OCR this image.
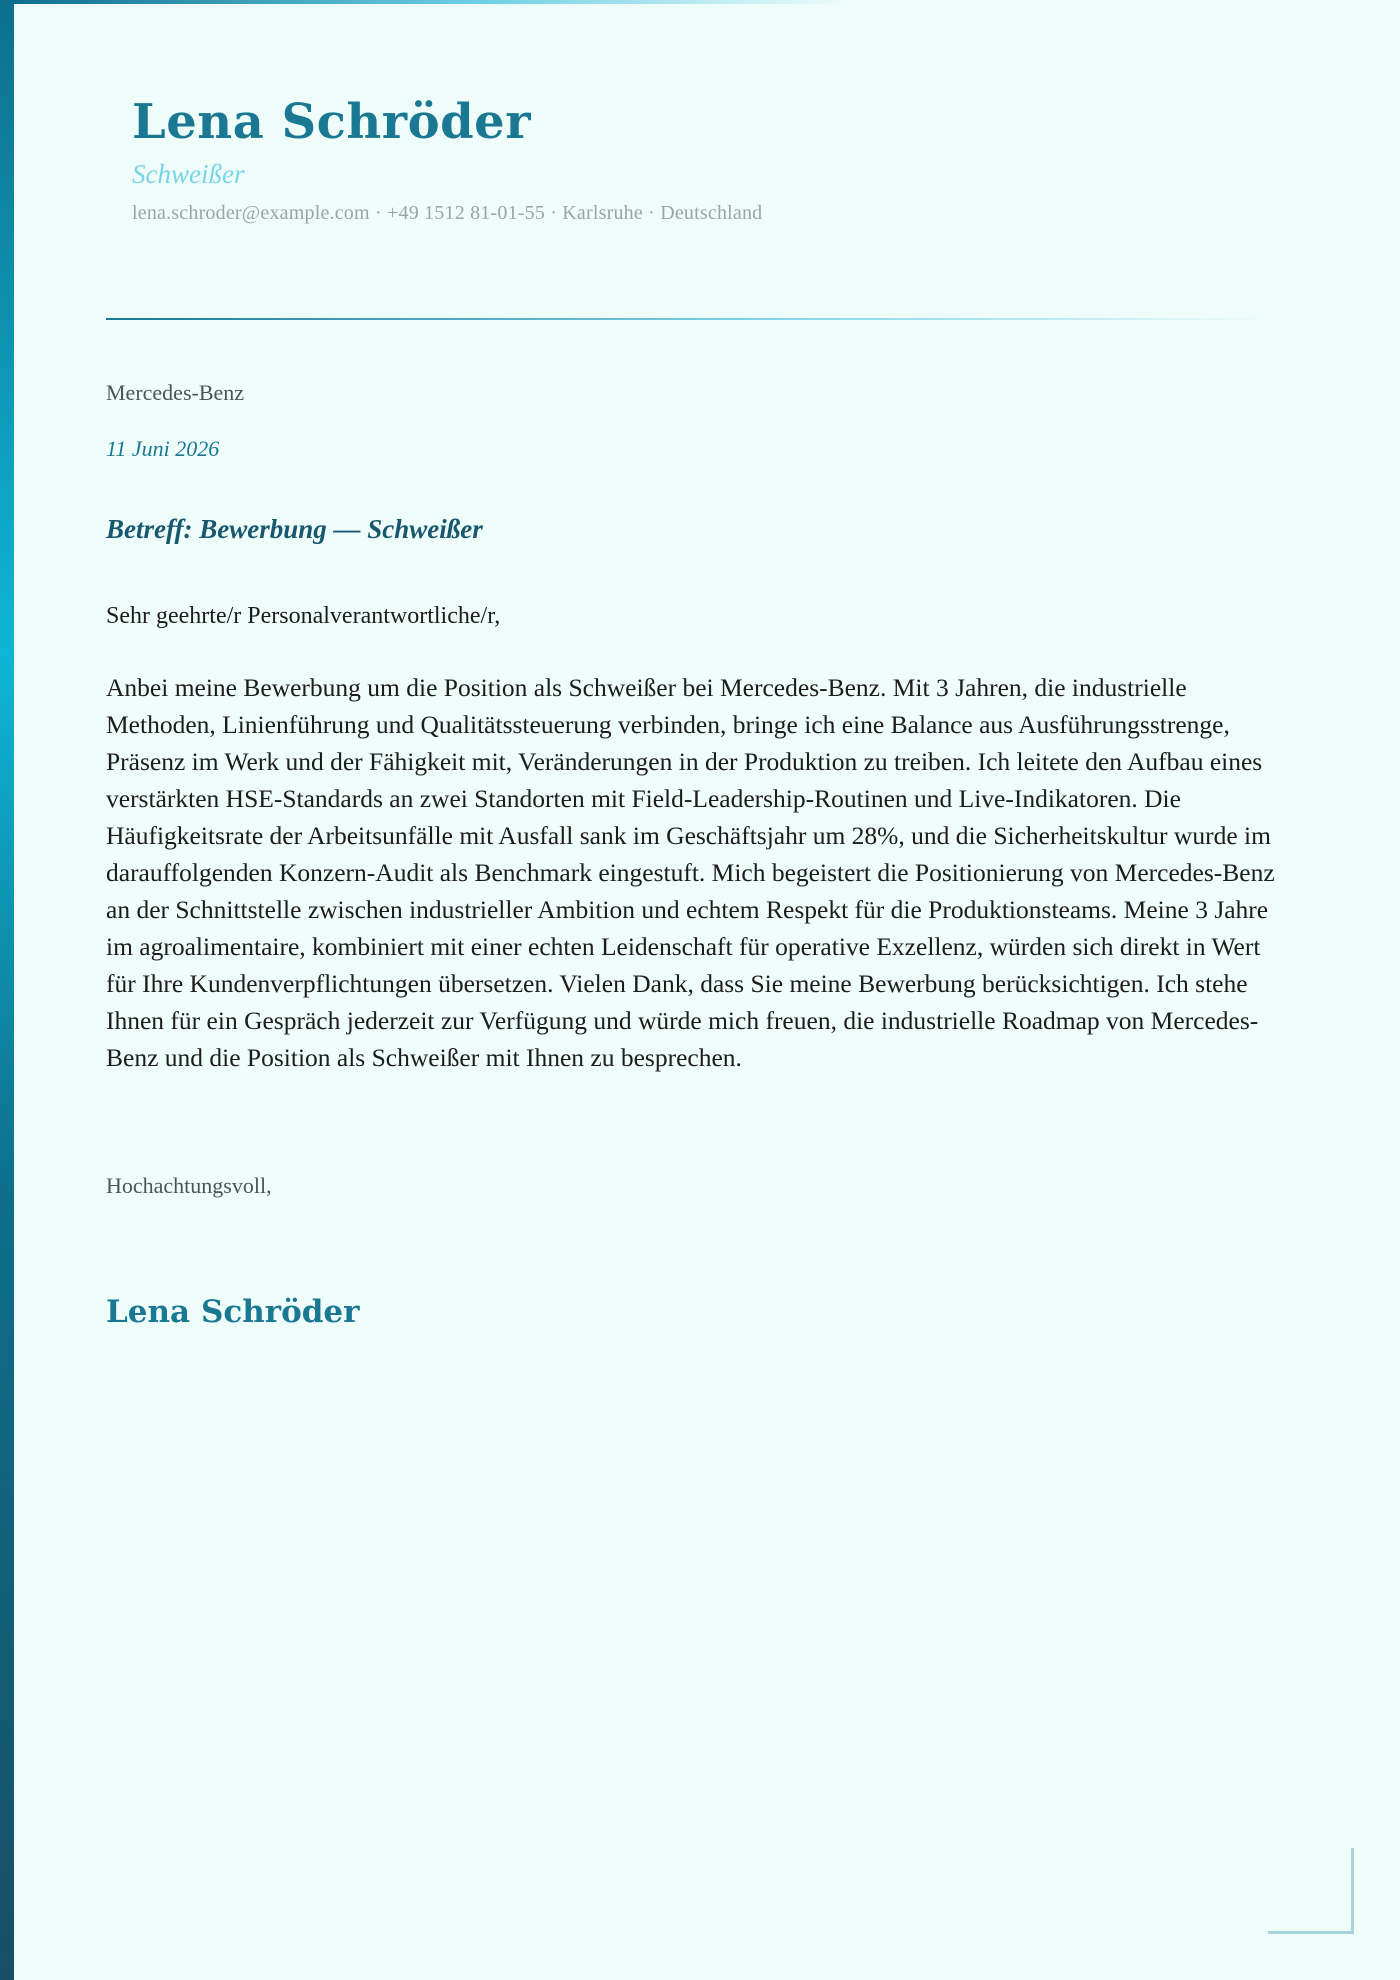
Lena Schröder
Schweißer
lena.schroder@example.com · +49 1512 81-01-55 · Karlsruhe · Deutschland
Mercedes-Benz
11 Juni 2026
Betreff: Bewerbung — Schweißer
Sehr geehrte/r Personalverantwortliche/r,

Anbei meine Bewerbung um die Position als Schweißer bei Mercedes-Benz. Mit 3 Jahren, die industrielle Methoden, Linienführung und Qualitätssteuerung verbinden, bringe ich eine Balance aus Ausführungsstrenge, Präsenz im Werk und der Fähigkeit mit, Veränderungen in der Produktion zu treiben. Ich leitete den Aufbau eines verstärkten HSE-Standards an zwei Standorten mit Field-Leadership-Routinen und Live-Indikatoren. Die Häufigkeitsrate der Arbeitsunfälle mit Ausfall sank im Geschäftsjahr um 28%, und die Sicherheitskultur wurde im darauffolgenden Konzern-Audit als Benchmark eingestuft. Mich begeistert die Positionierung von Mercedes-Benz an der Schnittstelle zwischen industrieller Ambition und echtem Respekt für die Produktionsteams. Meine 3 Jahre im agroalimentaire, kombiniert mit einer echten Leidenschaft für operative Exzellenz, würden sich direkt in Wert für Ihre Kundenverpflichtungen übersetzen. Vielen Dank, dass Sie meine Bewerbung berücksichtigen. Ich stehe Ihnen für ein Gespräch jederzeit zur Verfügung und würde mich freuen, die industrielle Roadmap von Mercedes-Benz und die Position als Schweißer mit Ihnen zu besprechen.

Hochachtungsvoll,
Lena Schröder
